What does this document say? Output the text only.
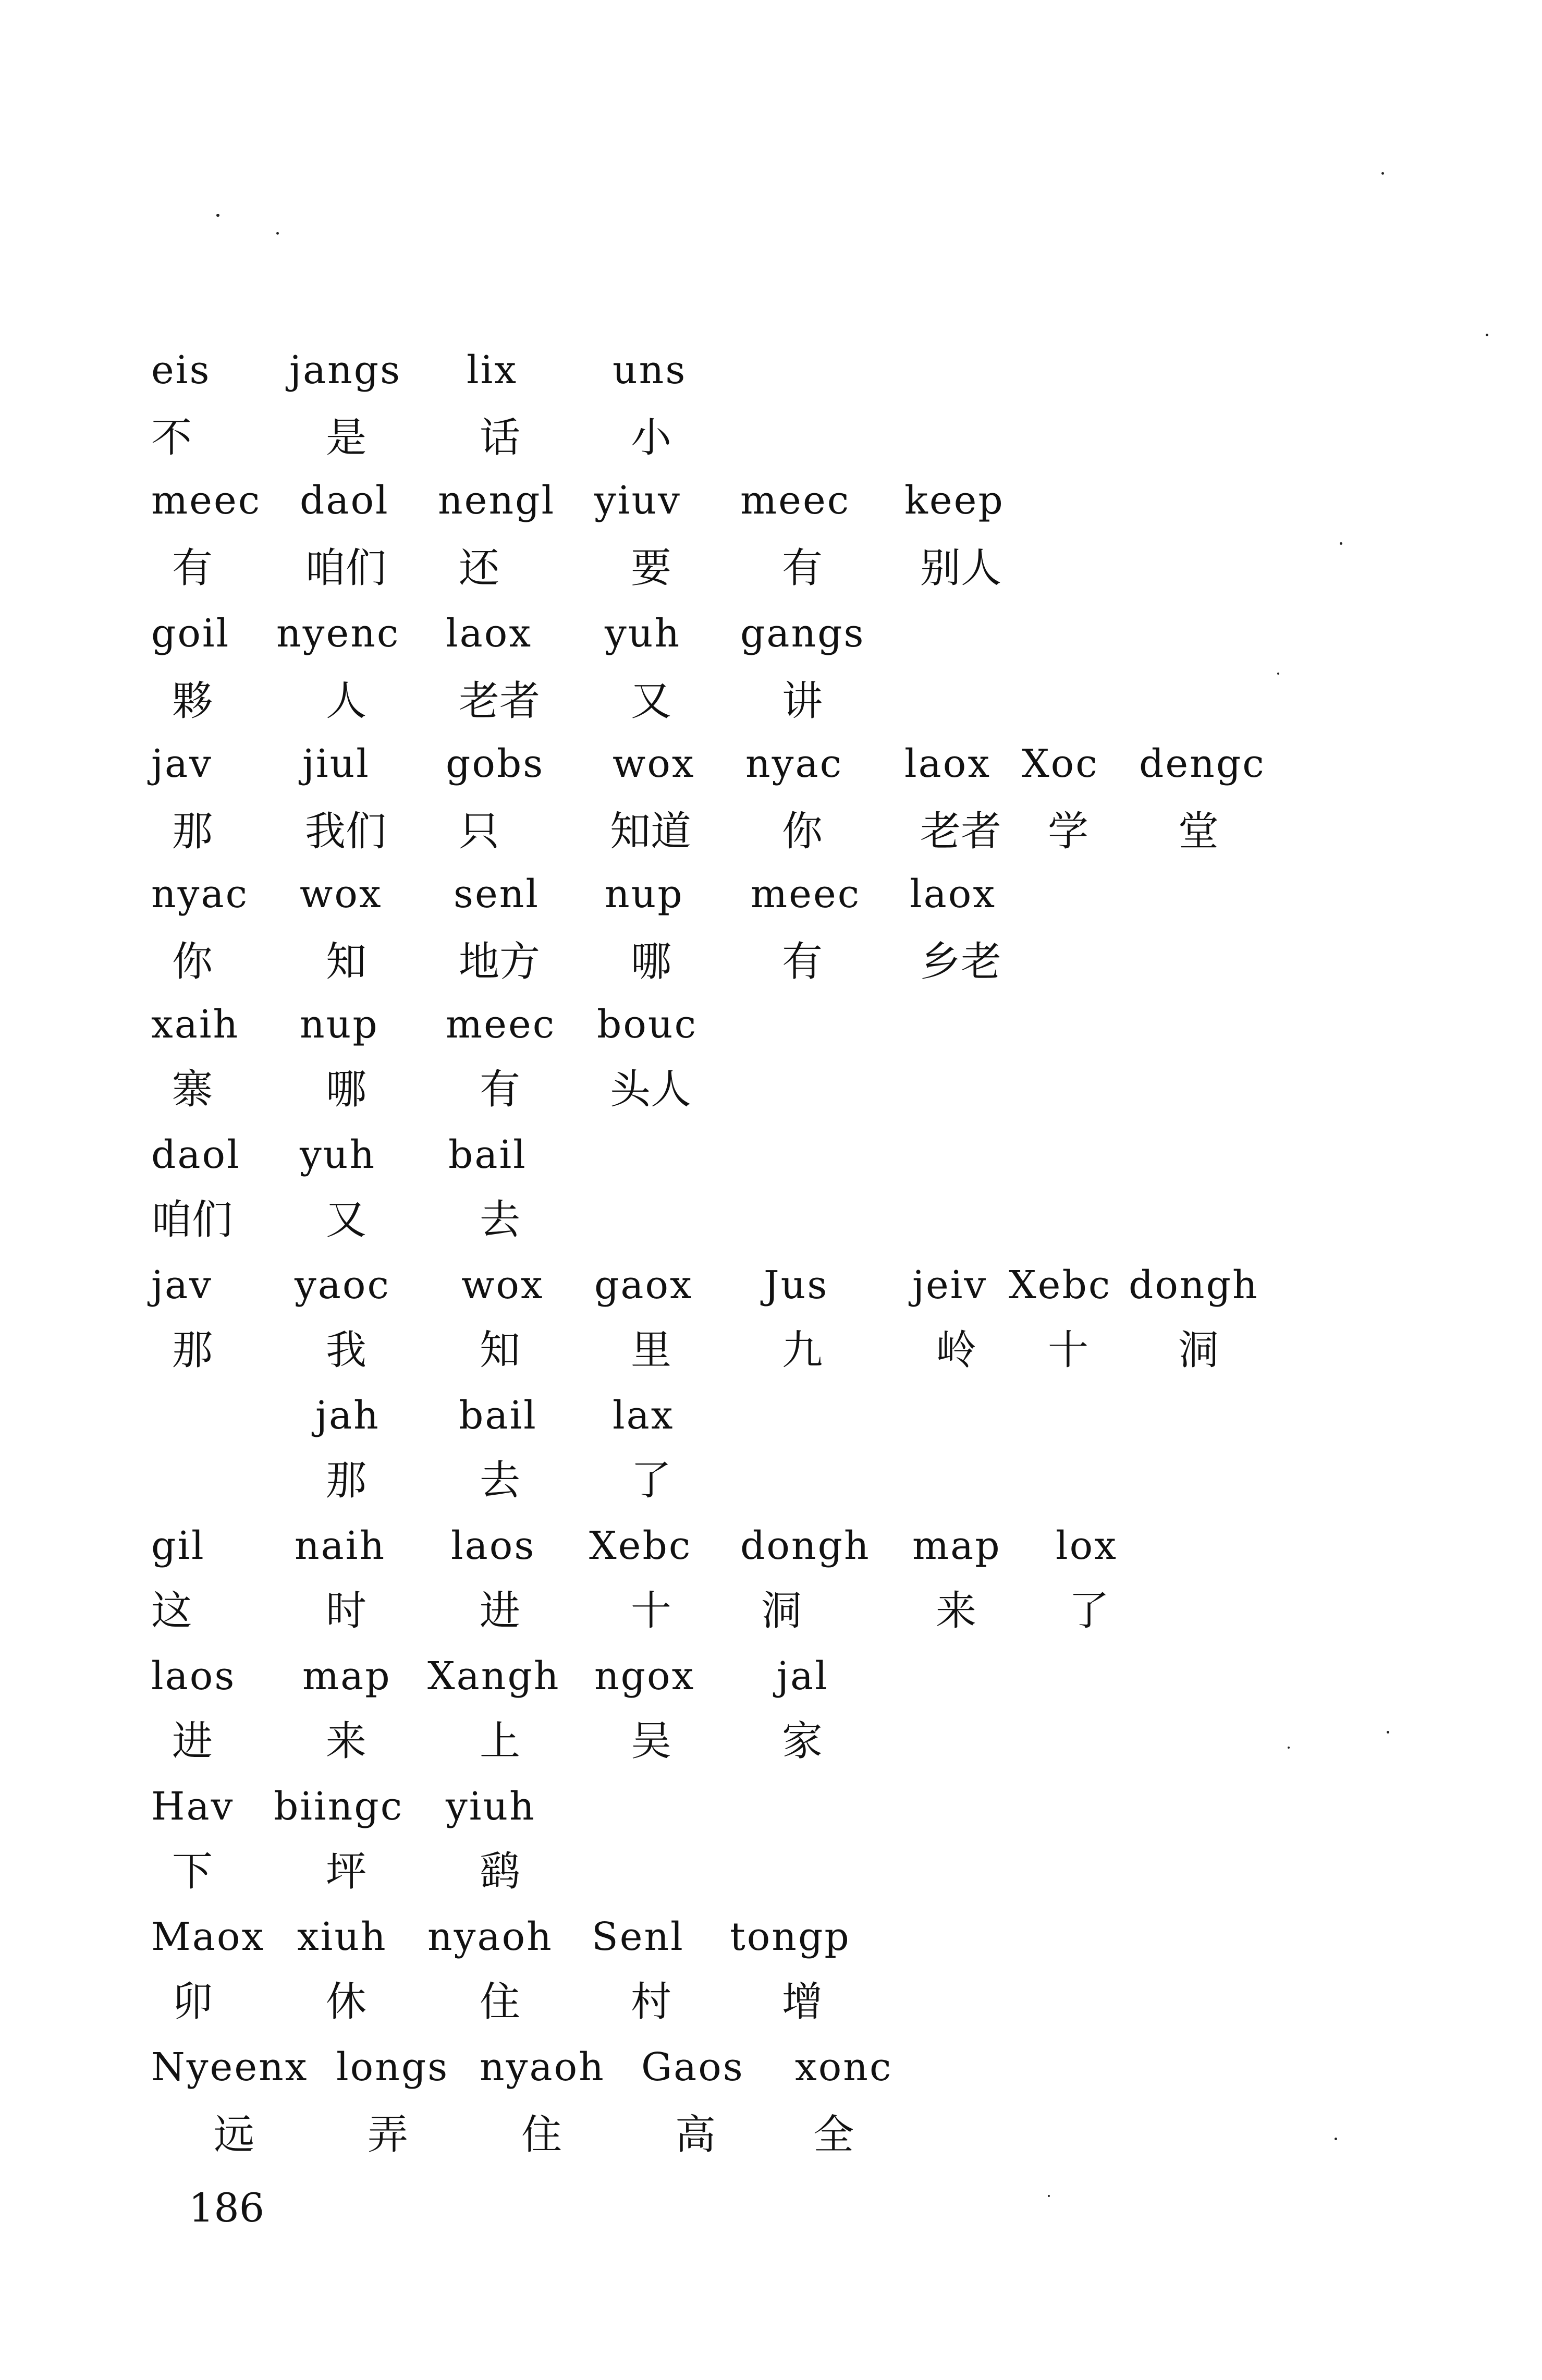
eis jangs lix uns
不	是	话	小
meec daol nengl yiuv meec keep
有 咱们 还	要	有 别人
goil nyenc laox yuh gangs
夥	人 老者 又	讲
jav jiul gobs wox nyac laox Xoc dengc
那 我们 只	知道 你 老者 学 堂
nyac wox senl nup meec laox
你	知 地方 哪	有 乡老
xaih nup meec bouc
寨	哪	有 头人
daol yuh bail
咱们 又	去
jav yaoc wox gaox Jus jeiv Xebc dongh
那	我	知	里	九	岭 十 洞
jah bail lax
那	去	了
gil naih laos Xebc dongh map lox
这	时	进	十 洞	来 了
laos map Xangh ngox jal
进	来	上	吴	家
Hav biingc yiuh
下	坪	鹞
Maox xiuh nyaoh Senl tongp
卯	休	住	村	增
Nyeenx longs nyaoh Gaos xonc
远	弄	住	高 全
186
